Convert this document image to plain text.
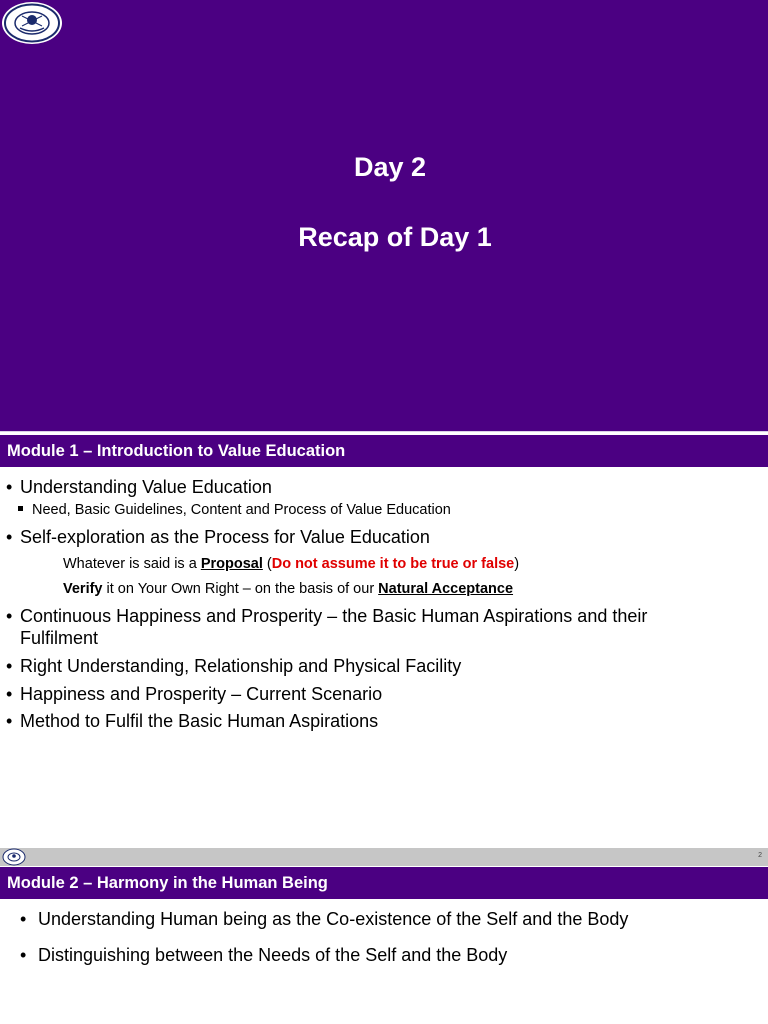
Day 2
Recap of Day 1
Module 1 – Introduction to Value Education
• Understanding Value Education
Need, Basic Guidelines, Content and Process of Value Education
• Self-exploration as the Process for Value Education
Whatever is said is a Proposal (Do not assume it to be true or false)
Verify it on Your Own Right – on the basis of our Natural Acceptance
• Continuous Happiness and Prosperity – the Basic Human Aspirations and their Fulfilment
• Right Understanding, Relationship and Physical Facility
• Happiness and Prosperity – Current Scenario
• Method to Fulfil the Basic Human Aspirations
2
Module 2 – Harmony in the Human Being
• Understanding Human being as the Co-existence of the Self and the Body
• Distinguishing between the Needs of the Self and the Body
